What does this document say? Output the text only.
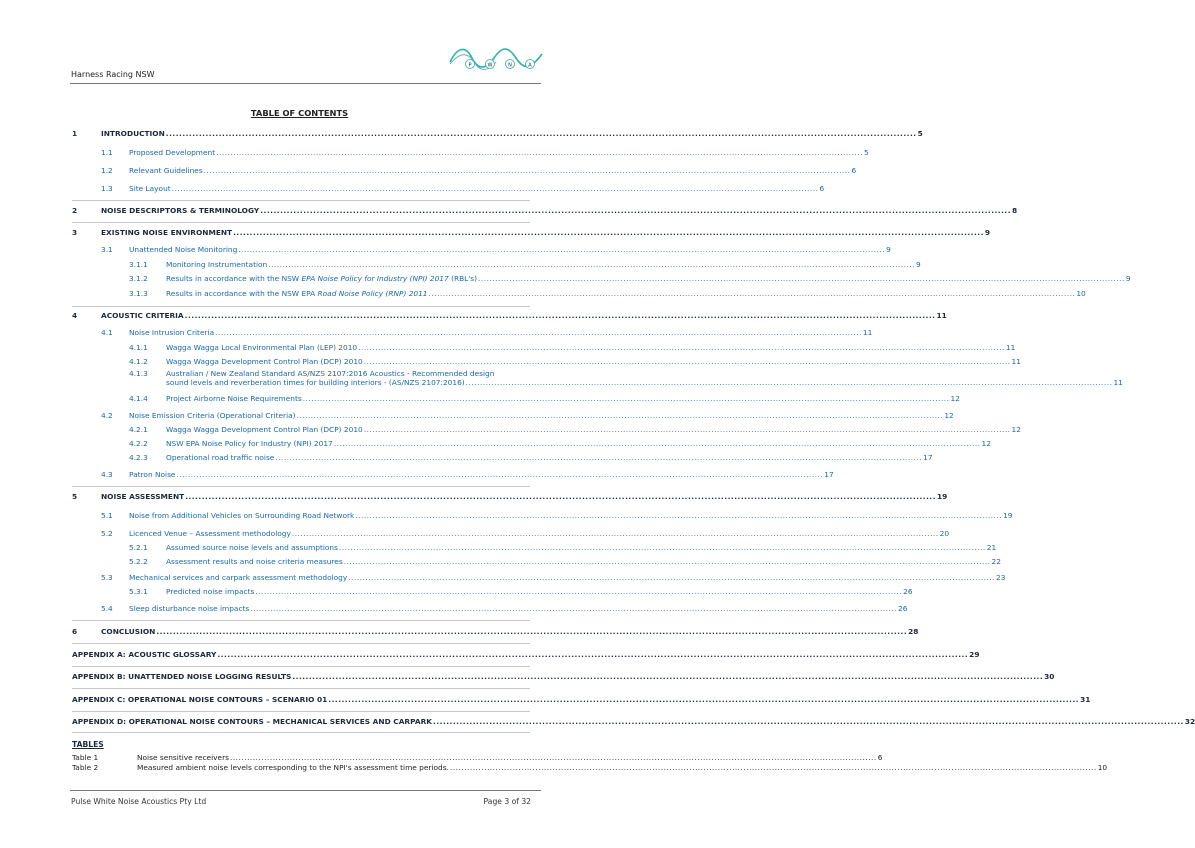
Harness Racing NSW
P	W	N	A
TABLE OF CONTENTS
1	INTRODUCTION .....	5
1.1 Proposed Development .....	5
1.2 Relevant Guidelines .....	6
1.3 Site Layout .....	6
2	NOISE DESCRIPTORS & TERMINOLOGY .....	8
3	EXISTING NOISE ENVIRONMENT .....	9
3.1 Unattended Noise Monitoring .....	9
3.1.1 Monitoring Instrumentation .....	9
3.1.2 Results in accordance with the NSW EPA Noise Policy for Industry (NPI) 2017 (RBL's) .....	9
3.1.3 Results in accordance with the NSW EPA Road Noise Policy (RNP) 2011 .....	10
4	ACOUSTIC CRITERIA .....	11
4.1 Noise Intrusion Criteria .....	11
4.1.1 Wagga Wagga Local Environmental Plan (LEP) 2010 .....	11
4.1.2 Wagga Wagga Development Control Plan (DCP) 2010 .....	11
4.1.3 Australian / New Zealand Standard AS/NZS 2107:2016 Acoustics - Recommended design
sound levels and reverberation times for building interiors - (AS/NZS 2107:2016) .....	11
4.1.4 Project Airborne Noise Requirements .....	12
4.2 Noise Emission Criteria (Operational Criteria) .....	12
4.2.1 Wagga Wagga Development Control Plan (DCP) 2010 .....	12
4.2.2 NSW EPA Noise Policy for Industry (NPI) 2017 .....	12
4.2.3 Operational road traffic noise .....	17
4.3 Patron Noise .....	17
5	NOISE ASSESSMENT .....	19
5.1 Noise from Additional Vehicles on Surrounding Road Network .....	19
5.2 Licenced Venue – Assessment methodology .....	20
5.2.1 Assumed source noise levels and assumptions .....	21
5.2.2 Assessment results and noise criteria measures .....	22
5.3 Mechanical services and carpark assessment methodology .....	23
5.3.1 Predicted noise impacts .....	26
5.4 Sleep disturbance noise impacts .....	26
6	CONCLUSION .....	28
APPENDIX A: ACOUSTIC GLOSSARY .....	29
APPENDIX B: UNATTENDED NOISE LOGGING RESULTS .....	30
APPENDIX C: OPERATIONAL NOISE CONTOURS – SCENARIO 01 .....	31
APPENDIX D: OPERATIONAL NOISE CONTOURS – MECHANICAL SERVICES AND CARPARK .....	32
TABLES
Table 1	Noise sensitive receivers .....	6
Table 2	Measured ambient noise levels corresponding to the NPI's assessment time periods. .....	10
Pulse White Noise Acoustics Pty Ltd	Page 3 of 32
